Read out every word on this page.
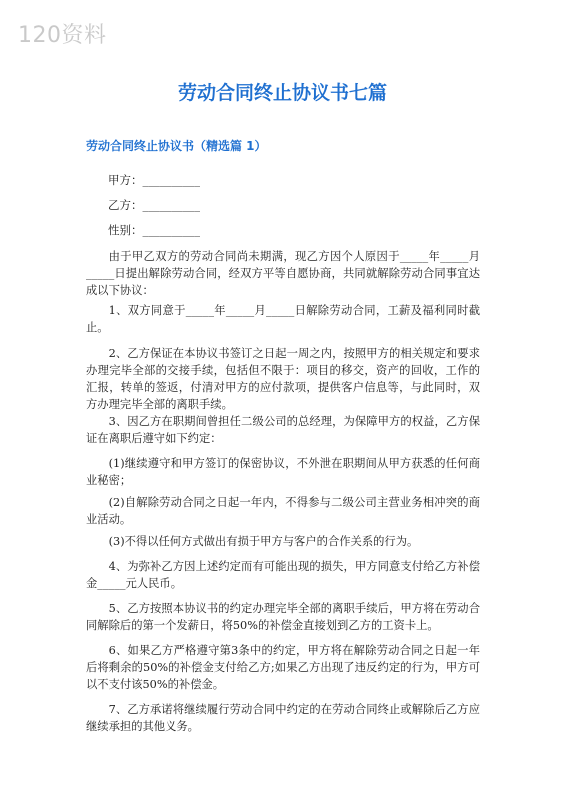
120资料
劳动合同终止协议书七篇
劳动合同终止协议书（精选篇 1）
甲方：__________
乙方：__________
性别：__________

由于甲乙双方的劳动合同尚未期满，现乙方因个人原因于_____年_____月_____日提出解除劳动合同，经双方平等自愿协商，共同就解除劳动合同事宜达成以下协议：

1、双方同意于_____年_____月_____日解除劳动合同，工薪及福利同时截止。

2、乙方保证在本协议书签订之日起一周之内，按照甲方的相关规定和要求办理完毕全部的交接手续，包括但不限于：项目的移交，资产的回收，工作的汇报，转单的签返，付清对甲方的应付款项，提供客户信息等，与此同时，双方办理完毕全部的离职手续。

3、因乙方在职期间曾担任二级公司的总经理，为保障甲方的权益，乙方保证在离职后遵守如下约定：

(1)继续遵守和甲方签订的保密协议，不外泄在职期间从甲方获悉的任何商业秘密；

(2)自解除劳动合同之日起一年内，不得参与二级公司主营业务相冲突的商业活动。

(3)不得以任何方式做出有损于甲方与客户的合作关系的行为。

4、为弥补乙方因上述约定而有可能出现的损失，甲方同意支付给乙方补偿金_____元人民币。

5、乙方按照本协议书的约定办理完毕全部的离职手续后，甲方将在劳动合同解除后的第一个发薪日，将50%的补偿金直接划到乙方的工资卡上。

6、如果乙方严格遵守第3条中的约定，甲方将在解除劳动合同之日起一年后将剩余的50%的补偿金支付给乙方;如果乙方出现了违反约定的行为，甲方可以不支付该50%的补偿金。

7、乙方承诺将继续履行劳动合同中约定的在劳动合同终止或解除后乙方应继续承担的其他义务。
